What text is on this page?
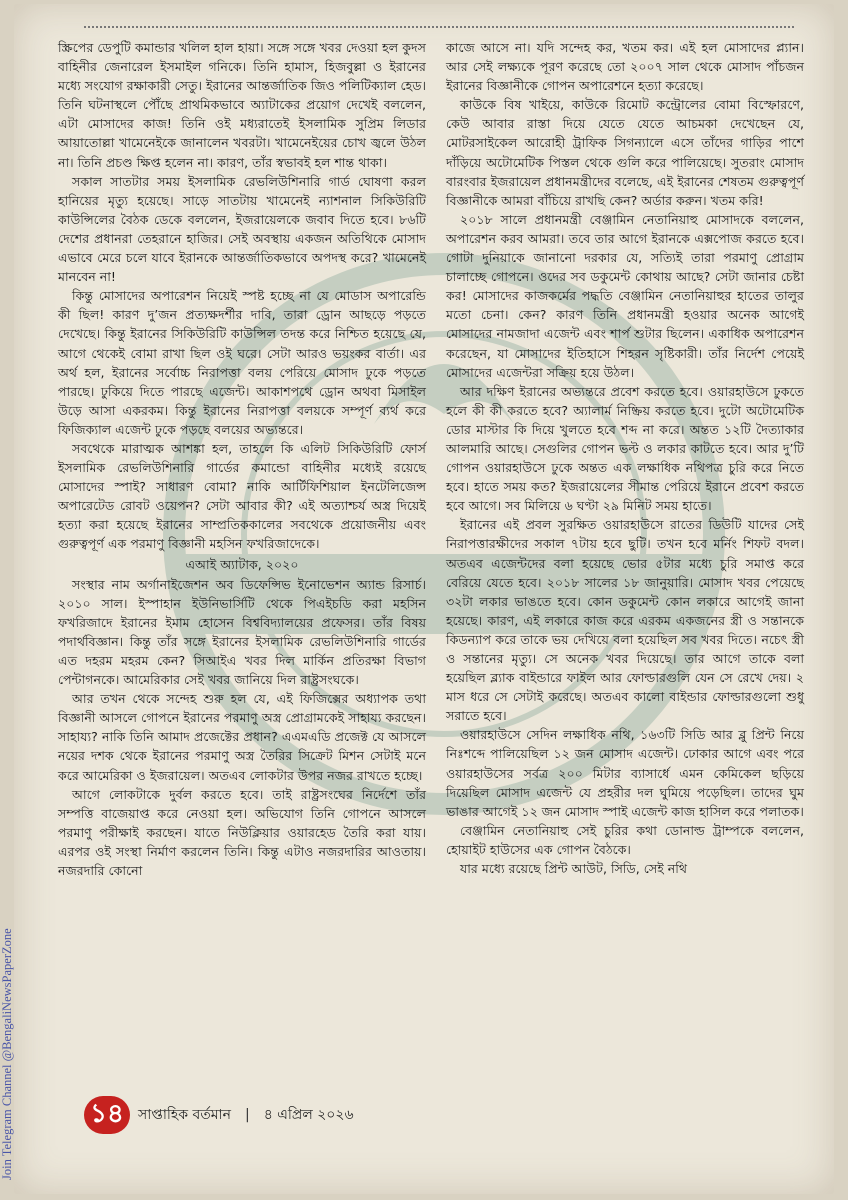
স্ক্রিপের ডেপুটি কমান্ডার খলিল হাল হায়া। সঙ্গে সঙ্গে খবর দেওয়া হল কুদস বাহিনীর জেনারেল ইসমাইল গনিকে। তিনি হামাস, হিজবুল্লা ও ইরানের মধ্যে সংযোগ রক্ষাকারী সেতু। ইরানের আন্তর্জাতিক জিও পলিটিক্যাল হেড। তিনি ঘটনাস্থলে পৌঁছে প্রাথমিকভাবে অ্যাটাকের প্রয়োগ দেখেই বললেন, এটা মোসাদের কাজ! তিনি ওই মধ্যরাতেই ইসলামিক সুপ্রিম লিডার আয়াতোল্লা খামেনেইকে জানালেন খবরটা। খামেনেইয়ের চোখ জ্বলে উঠল না। তিনি প্রচণ্ড ক্ষিপ্ত হলেন না। কারণ, তাঁর স্বভাবই হল শান্ত থাকা।

সকাল সাতটার সময় ইসলামিক রেভলিউশিনারি গার্ড ঘোষণা করল হানিয়ের মৃত্যু হয়েছে। সাড়ে সাতটায় খামেনেই ন্যাশনাল সিকিউরিটি কাউন্সিলের বৈঠক ডেকে বললেন, ইজরায়েলকে জবাব দিতে হবে। ৮৬টি দেশের প্রধানরা তেহরানে হাজির। সেই অবস্থায় একজন অতিথিকে মোসাদ এভাবে মেরে চলে যাবে ইরানকে আন্তর্জাতিকভাবে অপদস্থ করে? খামেনেই মানবেন না!

কিন্তু মোসাদের অপারেশন নিয়েই স্পষ্ট হচ্ছে না যে মোডাস অপারেন্ডি কী ছিল! কারণ দু’জন প্রত্যক্ষদর্শীর দাবি, তারা ড্রোন আছড়ে পড়তে দেখেছে। কিন্তু ইরানের সিকিউরিটি কাউন্সিল তদন্ত করে নিশ্চিত হয়েছে যে, আগে থেকেই বোমা রাখা ছিল ওই ঘরে। সেটা আরও ভয়ংকর বার্তা। এর অর্থ হল, ইরানের সর্বোচ্চ নিরাপত্তা বলয় পেরিয়ে মোসাদ ঢুকে পড়তে পারছে। ঢুকিয়ে দিতে পারছে এজেন্ট। আকাশপথে ড্রোন অথবা মিসাইল উড়ে আসা একরকম। কিন্তু ইরানের নিরাপত্তা বলয়কে সম্পূর্ণ ব্যর্থ করে ফিজিক্যাল এজেন্ট ঢুকে পড়ছে বলয়ের অভ্যন্তরে।

সবথেকে মারাত্মক আশঙ্কা হল, তাহলে কি এলিট সিকিউরিটি ফোর্স ইসলামিক রেভলিউশিনারি গার্ডের কমান্ডো বাহিনীর মধ্যেই রয়েছে মোসাদের স্পাই? সাধারণ বোমা? নাকি আর্টিফিশিয়াল ইনটেলিজেন্স অপারেটেড রোবট ওয়েপন? সেটা আবার কী? এই অত্যাশ্চর্য অস্ত্র দিয়েই হত্যা করা হয়েছে ইরানের সাম্প্রতিককালের সবথেকে প্রয়োজনীয় এবং গুরুত্বপূর্ণ এক পরমাণু বিজ্ঞানী মহসিন ফখরিজাদেকে।

এআই অ্যাটাক, ২০২০

সংস্থার নাম অর্গানাইজেশন অব ডিফেন্সিভ ইনোভেশন অ্যান্ড রিসার্চ। ২০১০ সাল। ইস্পাহান ইউনিভার্সিটি থেকে পিএইচডি করা মহসিন ফখরিজাদে ইরানের ইমাম হোসেন বিশ্ববিদ্যালয়ের প্রফেসর। তাঁর বিষয় পদার্থবিজ্ঞান। কিন্তু তাঁর সঙ্গে ইরানের ইসলামিক রেভলিউশিনারি গার্ডের এত দহরম মহরম কেন? সিআইএ খবর দিল মার্কিন প্রতিরক্ষা বিভাগ পেন্টাগনকে। আমেরিকার সেই খবর জানিয়ে দিল রাষ্ট্রসংঘকে।

আর তখন থেকে সন্দেহ শুরু হল যে, এই ফিজিক্সের অধ্যাপক তথা বিজ্ঞানী আসলে গোপনে ইরানের পরমাণু অস্ত্র প্রোগ্রামকেই সাহায্য করছেন। সাহায্য? নাকি তিনি আমাদ প্রজেক্টের প্রধান? এএমএডি প্রজেক্ট যে আসলে নয়ের দশক থেকে ইরানের পরমাণু অস্ত্র তৈরির সিক্রেট মিশন সেটাই মনে করে আমেরিকা ও ইজরায়েল। অতএব লোকটার উপর নজর রাখতে হচ্ছে।

আগে লোকটাকে দুর্বল করতে হবে। তাই রাষ্ট্রসংঘের নির্দেশে তাঁর সম্পত্তি বাজেয়াপ্ত করে নেওয়া হল। অভিযোগ তিনি গোপনে আসলে পরমাণু পরীক্ষাই করছেন। যাতে নিউক্লিয়ার ওয়ারহেড তৈরি করা যায়। এরপর ওই সংস্থা নির্মাণ করলেন তিনি। কিন্তু এটাও নজরদারির আওতায়। নজরদারি কোনো

কাজে আসে না। যদি সন্দেহ কর, খতম কর। এই হল মোসাদের প্ল্যান। আর সেই লক্ষ্যকে পূরণ করেছে তো ২০০৭ সাল থেকে মোসাদ পাঁচজন ইরানের বিজ্ঞানীকে গোপন অপারেশনে হত্যা করেছে।

কাউকে বিষ খাইয়ে, কাউকে রিমোট কন্ট্রোলের বোমা বিস্ফোরণে, কেউ আবার রাস্তা দিয়ে যেতে যেতে আচমকা দেখেছেন যে, মোটরসাইকেল আরোহী ট্রাফিক সিগন্যালে এসে তাঁদের গাড়ির পাশে দাঁড়িয়ে অটোমেটিক পিস্তল থেকে গুলি করে পালিয়েছে। সুতরাং মোসাদ বারংবার ইজরায়েল প্রধানমন্ত্রীদের বলেছে, এই ইরানের শেষতম গুরুত্বপূর্ণ বিজ্ঞানীকে আমরা বাঁচিয়ে রাখছি কেন? অর্ডার করুন। খতম করি!

২০১৮ সালে প্রধানমন্ত্রী বেঞ্জামিন নেতানিয়াহু মোসাদকে বললেন, অপারেশন করব আমরা। তবে তার আগে ইরানকে এক্সপোজ করতে হবে। গোটা দুনিয়াকে জানানো দরকার যে, সত্যিই তারা পরমাণু প্রোগ্রাম চালাচ্ছে গোপনে। ওদের সব ডকুমেন্ট কোথায় আছে? সেটা জানার চেষ্টা কর! মোসাদের কাজকর্মের পদ্ধতি বেঞ্জামিন নেতানিয়াহুর হাতের তালুর মতো চেনা। কেন? কারণ তিনি প্রধানমন্ত্রী হওয়ার অনেক আগেই মোসাদের নামজাদা এজেন্ট এবং শার্প শুটার ছিলেন। একাধিক অপারেশন করেছেন, যা মোসাদের ইতিহাসে শিহরন সৃষ্টিকারী। তাঁর নির্দেশ পেয়েই মোসাদের এজেন্টরা সক্রিয় হয়ে উঠল।

আর দক্ষিণ ইরানের অভ্যন্তরে প্রবেশ করতে হবে। ওয়ারহাউসে ঢুকতে হলে কী কী করতে হবে? অ্যালার্ম নিষ্ক্রিয় করতে হবে। দুটো অটোমেটিক ডোর মাস্টার কি দিয়ে খুলতে হবে শব্দ না করে। অন্তত ১২টি দৈত্যাকার আলমারি আছে। সেগুলির গোপন ভল্ট ও লকার কাটতে হবে। আর দু’টি গোপন ওয়ারহাউসে ঢুকে অন্তত এক লক্ষাধিক নথিপত্র চুরি করে নিতে হবে। হাতে সময় কত? ইজরায়েলের সীমান্ত পেরিয়ে ইরানে প্রবেশ করতে হবে আগে। সব মিলিয়ে ৬ ঘণ্টা ২৯ মিনিট সময় হাতে।

ইরানের এই প্রবল সুরক্ষিত ওয়ারহাউসে রাতের ডিউটি যাদের সেই নিরাপত্তারক্ষীদের সকাল ৭টায় হবে ছুটি। তখন হবে মর্নিং শিফট বদল। অতএব এজেন্টদের বলা হয়েছে ভোর ৫টার মধ্যে চুরি সমাপ্ত করে বেরিয়ে যেতে হবে। ২০১৮ সালের ১৮ জানুয়ারি। মোসাদ খবর পেয়েছে ৩২টা লকার ভাঙতে হবে। কোন ডকুমেন্ট কোন লকারে আগেই জানা হয়েছে। কারণ, এই লকারে কাজ করে এরকম একজনের স্ত্রী ও সন্তানকে কিডন্যাপ করে তাকে ভয় দেখিয়ে বলা হয়েছিল সব খবর দিতে। নচেৎ স্ত্রী ও সন্তানের মৃত্যু। সে অনেক খবর দিয়েছে। তার আগে তাকে বলা হয়েছিল ব্ল্যাক বাইন্ডারে ফাইল আর ফোল্ডারগুলি যেন সে রেখে দেয়। ২ মাস ধরে সে সেটাই করেছে। অতএব কালো বাইন্ডার ফোল্ডারগুলো শুধু সরাতে হবে।

ওয়ারহাউসে সেদিন লক্ষাধিক নথি, ১৬৩টি সিডি আর ব্লু প্রিন্ট নিয়ে নিঃশব্দে পালিয়েছিল ১২ জন মোসাদ এজেন্ট। ঢোকার আগে এবং পরে ওয়ারহাউসের সর্বত্র ২০০ মিটার ব্যাসার্ধে এমন কেমিকেল ছড়িয়ে দিয়েছিল মোসাদ এজেন্ট যে প্রহরীর দল ঘুমিয়ে পড়েছিল। তাদের ঘুম ভাঙার আগেই ১২ জন মোসাদ স্পাই এজেন্ট কাজ হাসিল করে পলাতক।

বেঞ্জামিন নেতানিয়াহু সেই চুরির কথা ডোনাল্ড ট্রাম্পকে বললেন, হোয়াইট হাউসের এক গোপন বৈঠকে।

যার মধ্যে রয়েছে প্রিন্ট আউট, সিডি, সেই নথি

১৪	সাপ্তাহিক বর্তমান | ৪ এপ্রিল ২০২৬
Join Telegram Channel @BengaliNewsPaperZone
